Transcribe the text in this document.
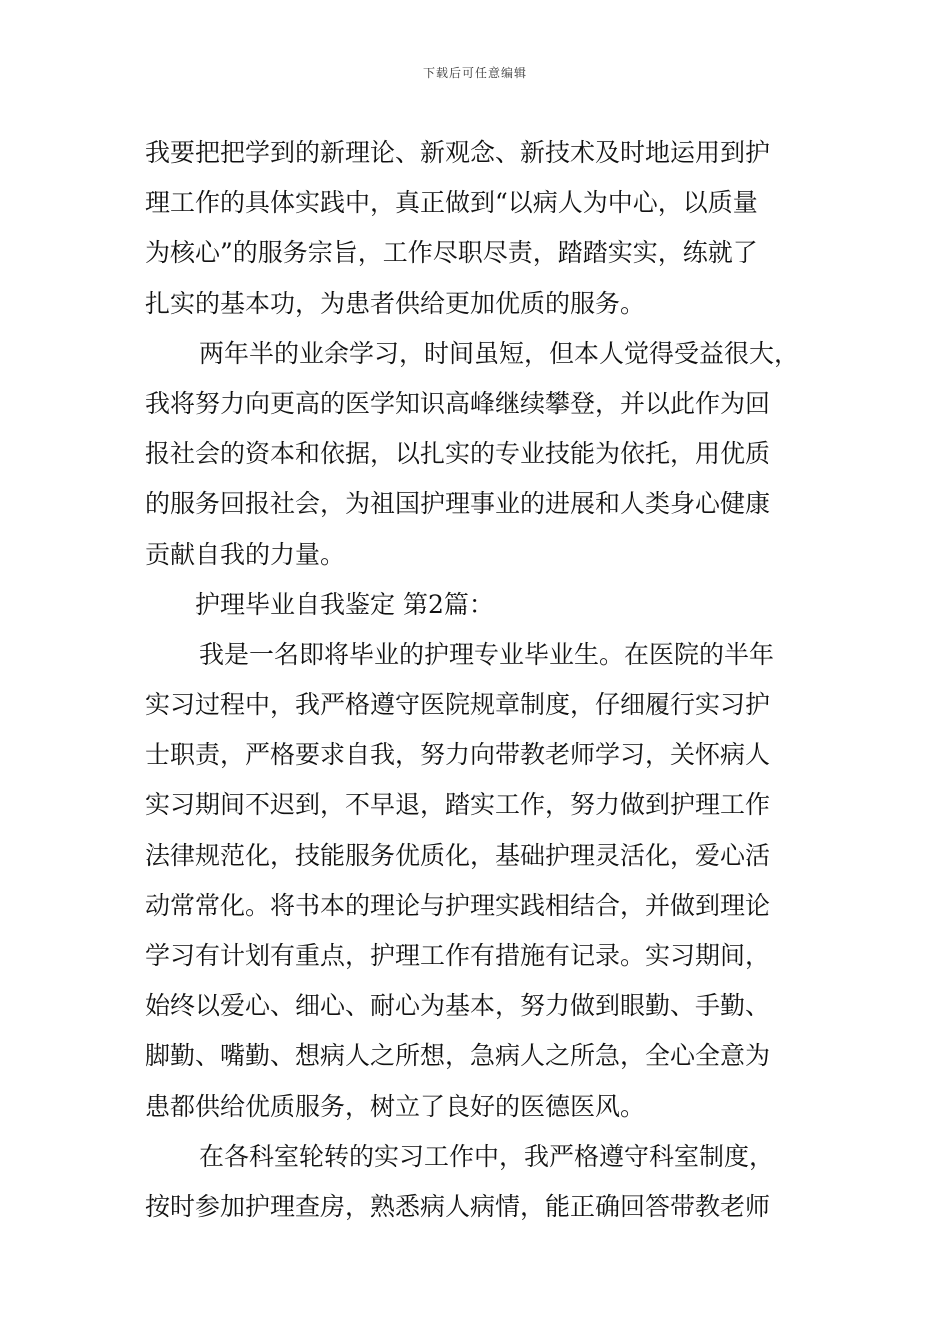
下载后可任意编辑
我要把把学到的新理论、新观念、新技术及时地运用到护
理工作的具体实践中，真正做到“以病人为中心，以质量
为核心”的服务宗旨，工作尽职尽责，踏踏实实，练就了
扎实的基本功，为患者供给更加优质的服务。
两年半的业余学习，时间虽短，但本人觉得受益很大，
我将努力向更高的医学知识高峰继续攀登，并以此作为回
报社会的资本和依据，以扎实的专业技能为依托，用优质
的服务回报社会，为祖国护理事业的进展和人类身心健康
贡献自我的力量。
护理毕业自我鉴定 第2篇：
我是一名即将毕业的护理专业毕业生。在医院的半年
实习过程中，我严格遵守医院规章制度，仔细履行实习护
士职责，严格要求自我，努力向带教老师学习，关怀病人
实习期间不迟到，不早退，踏实工作，努力做到护理工作
法律规范化，技能服务优质化，基础护理灵活化，爱心活
动常常化。将书本的理论与护理实践相结合，并做到理论
学习有计划有重点，护理工作有措施有记录。实习期间，
始终以爱心、细心、耐心为基本，努力做到眼勤、手勤、
脚勤、嘴勤、想病人之所想，急病人之所急，全心全意为
患都供给优质服务，树立了良好的医德医风。
在各科室轮转的实习工作中，我严格遵守科室制度，
按时参加护理查房，熟悉病人病情，能正确回答带教老师
